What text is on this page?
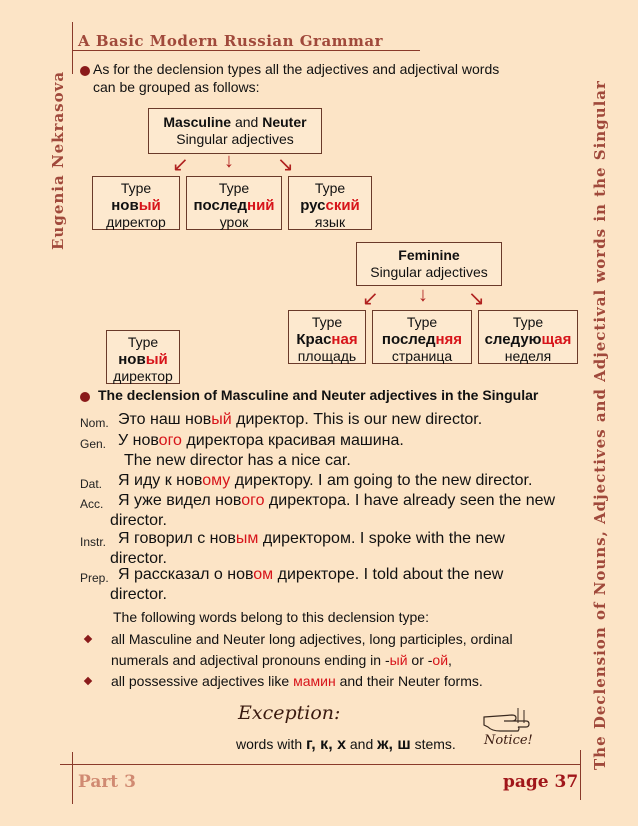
A Basic Modern Russian Grammar
Eugenia Nekrasova	The Declension of Nouns, Adjectives and Adjectival words in the Singular
As for the declension types all the adjectives and adjectival words
can be grouped as follows:
Masculine and Neuter
Singular adjectives
↙ ↓ ↘
Type
новый
директор
Type
последний
урок
Type
русский
язык
Feminine
Singular adjectives
↙ ↓ ↘
Type
Красная
площадь
Type
последняя
страница
Type
следующая
неделя
Type
новый
директор
The declension of Masculine and Neuter adjectives in the Singular
Nom. Это наш новый директор. This is our new director.
Gen. У нового директора красивая машина.
The new director has a nice car.
Dat. Я иду к новому директору. I am going to the new director.
Acc. Я уже видел нового директора. I have already seen the new
director.
Instr. Я говорил с новым директором. I spoke with the new
director.
Prep. Я рассказал о новом директоре. I told about the new
director.
The following words belong to this declension type:
all Masculine and Neuter long adjectives, long participles, ordinal
numerals and adjectival pronouns ending in -ый or -ой,
all possessive adjectives like мамин and their Neuter forms.
Exception:
words with г, к, х and ж, ш stems. Notice!
Part 3	page 37
